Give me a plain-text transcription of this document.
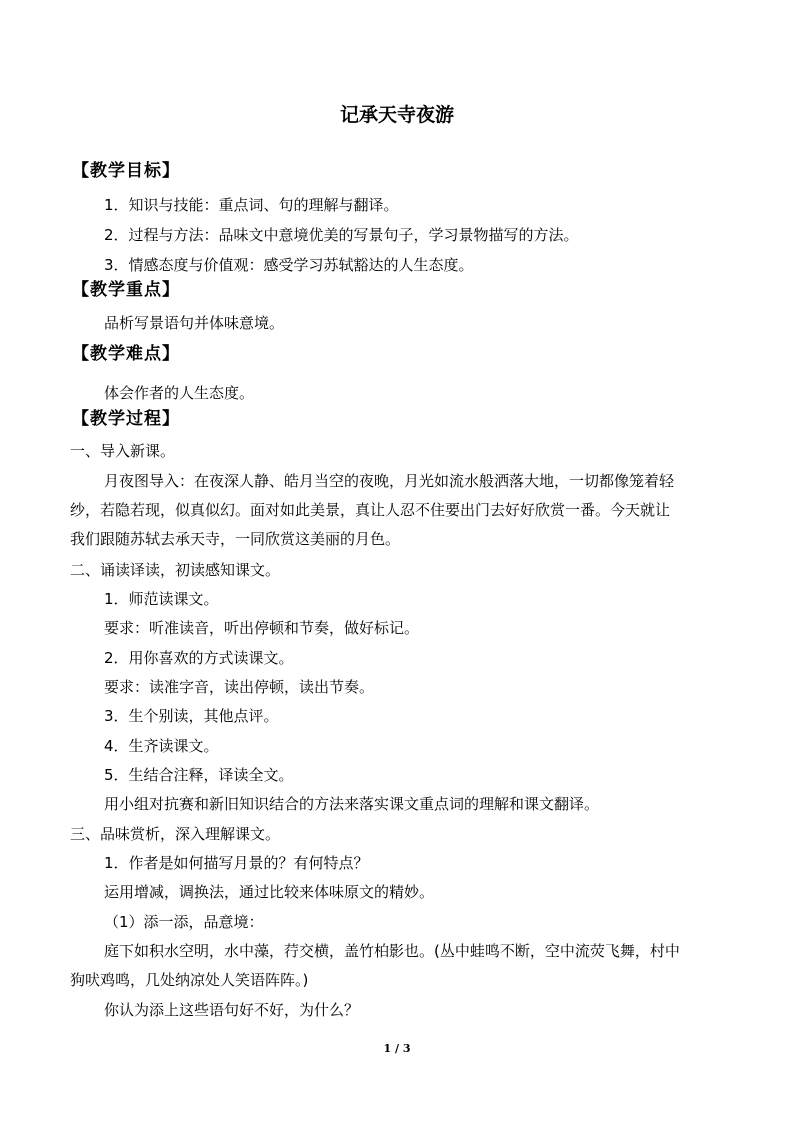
记承天寺夜游
【教学目标】
1．知识与技能：重点词、句的理解与翻译。
2．过程与方法：品味文中意境优美的写景句子，学习景物描写的方法。
3．情感态度与价值观：感受学习苏轼豁达的人生态度。
【教学重点】
品析写景语句并体味意境。
【教学难点】
体会作者的人生态度。
【教学过程】
一、导入新课。
月夜图导入：在夜深人静、皓月当空的夜晚，月光如流水般洒落大地，一切都像笼着轻
纱，若隐若现，似真似幻。面对如此美景，真让人忍不住要出门去好好欣赏一番。今天就让
我们跟随苏轼去承天寺，一同欣赏这美丽的月色。
二、诵读译读，初读感知课文。
1．师范读课文。
要求：听准读音，听出停顿和节奏，做好标记。
2．用你喜欢的方式读课文。
要求：读准字音，读出停顿，读出节奏。
3．生个别读，其他点评。
4．生齐读课文。
5．生结合注释，译读全文。
用小组对抗赛和新旧知识结合的方法来落实课文重点词的理解和课文翻译。
三、品味赏析，深入理解课文。
1．作者是如何描写月景的？有何特点？
运用增减，调换法，通过比较来体味原文的精妙。
（1）添一添，品意境：
庭下如积水空明，水中藻，荇交横，盖竹柏影也。(丛中蛙鸣不断，空中流荧飞舞，村中
狗吠鸡鸣，几处纳凉处人笑语阵阵。)
你认为添上这些语句好不好，为什么？
1 / 3
